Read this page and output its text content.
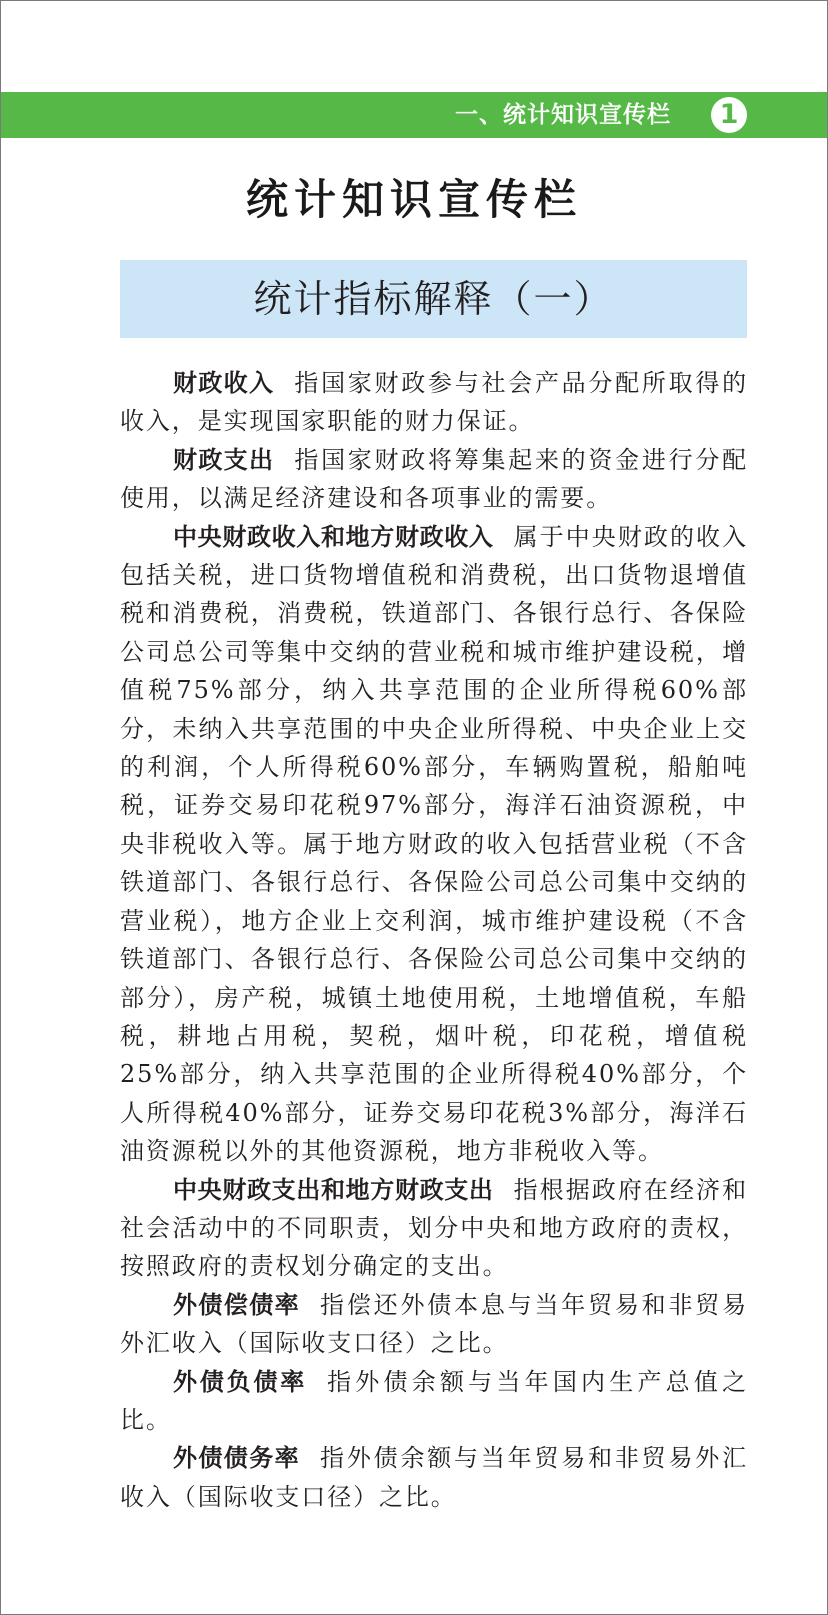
一、统计知识宣传栏	1
统计知识宣传栏
统计指标解释（一）

财政收入 指国家财政参与社会产品分配所取得的收入，是实现国家职能的财力保证。

财政支出 指国家财政将筹集起来的资金进行分配使用，以满足经济建设和各项事业的需要。

中央财政收入和地方财政收入 属于中央财政的收入包括关税，进口货物增值税和消费税，出口货物退增值税和消费税，消费税，铁道部门、各银行总行、各保险公司总公司等集中交纳的营业税和城市维护建设税，增值税75%部分，纳入共享范围的企业所得税60%部分，未纳入共享范围的中央企业所得税、中央企业上交的利润，个人所得税60%部分，车辆购置税，船舶吨税，证券交易印花税97%部分，海洋石油资源税，中央非税收入等。属于地方财政的收入包括营业税（不含铁道部门、各银行总行、各保险公司总公司集中交纳的营业税），地方企业上交利润，城市维护建设税（不含铁道部门、各银行总行、各保险公司总公司集中交纳的部分），房产税，城镇土地使用税，土地增值税，车船税，耕地占用税，契税，烟叶税，印花税，增值税25%部分，纳入共享范围的企业所得税40%部分，个人所得税40%部分，证券交易印花税3%部分，海洋石油资源税以外的其他资源税，地方非税收入等。

中央财政支出和地方财政支出 指根据政府在经济和社会活动中的不同职责，划分中央和地方政府的责权，按照政府的责权划分确定的支出。

外债偿债率 指偿还外债本息与当年贸易和非贸易外汇收入（国际收支口径）之比。

外债负债率 指外债余额与当年国内生产总值之比。

外债债务率 指外债余额与当年贸易和非贸易外汇收入（国际收支口径）之比。
